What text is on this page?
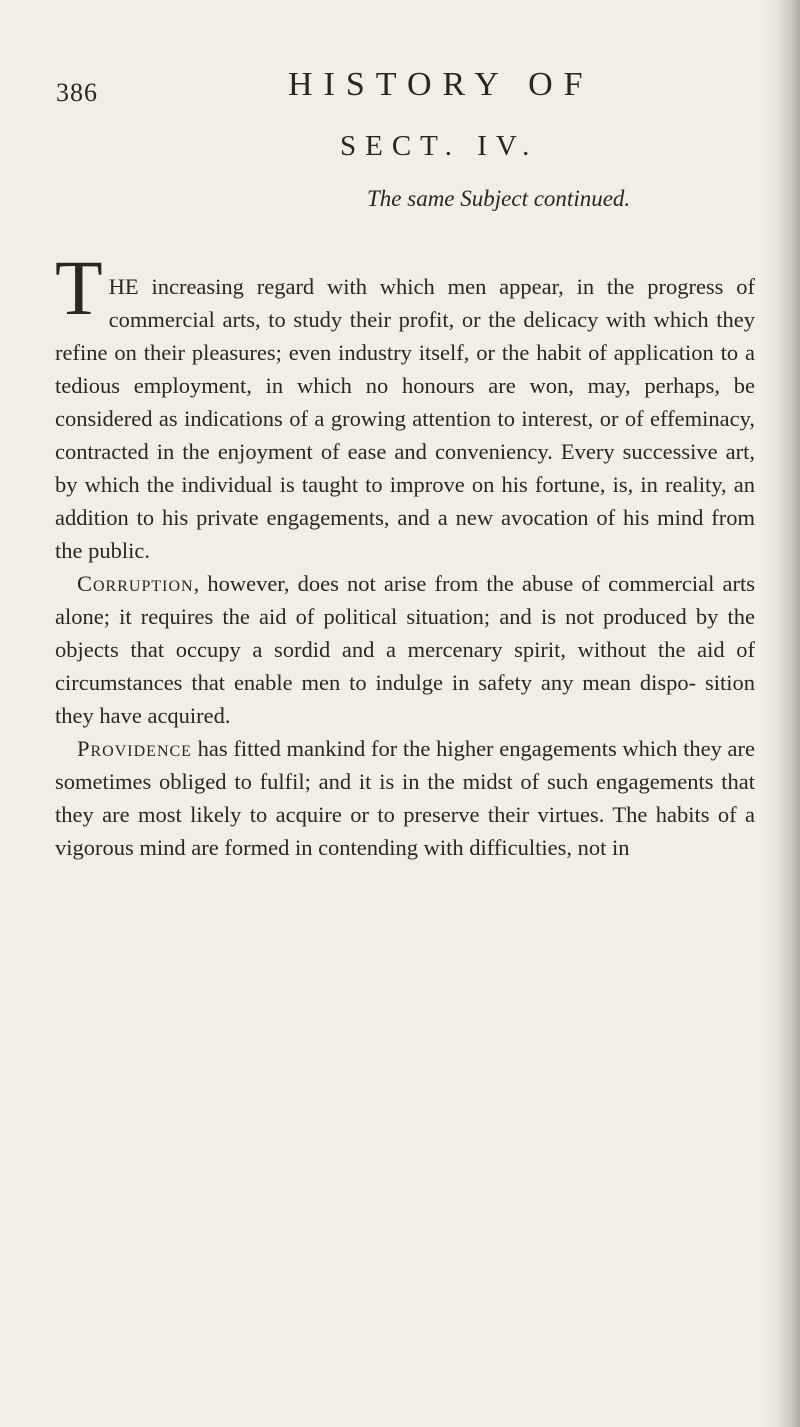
386	HISTORY OF
SECT. IV.
The same Subject continued.

THE increasing regard with which men appear, in the progress of commercial arts, to study their profit, or the delicacy with which they refine on their pleasures; even industry itself, or the habit of application to a tedious employment, in which no honours are won, may, perhaps, be considered as indications of a growing attention to interest, or of effeminacy, contracted in the enjoyment of ease and conveniency. Every successive art, by which the individual is taught to improve on his fortune, is, in reality, an addition to his private engagements, and a new avocation of his mind from the public.

Corruption, however, does not arise from the abuse of commercial arts alone; it requires the aid of political situation; and is not produced by the objects that occupy a sordid and a mercenary spirit, without the aid of circumstances that enable men to indulge in safety any mean dispo- sition they have acquired.

Providence has fitted mankind for the higher engagements which they are sometimes obliged to fulfil; and it is in the midst of such engagements that they are most likely to acquire or to preserve their virtues. The habits of a vigorous mind are formed in contending with difficulties, not in
